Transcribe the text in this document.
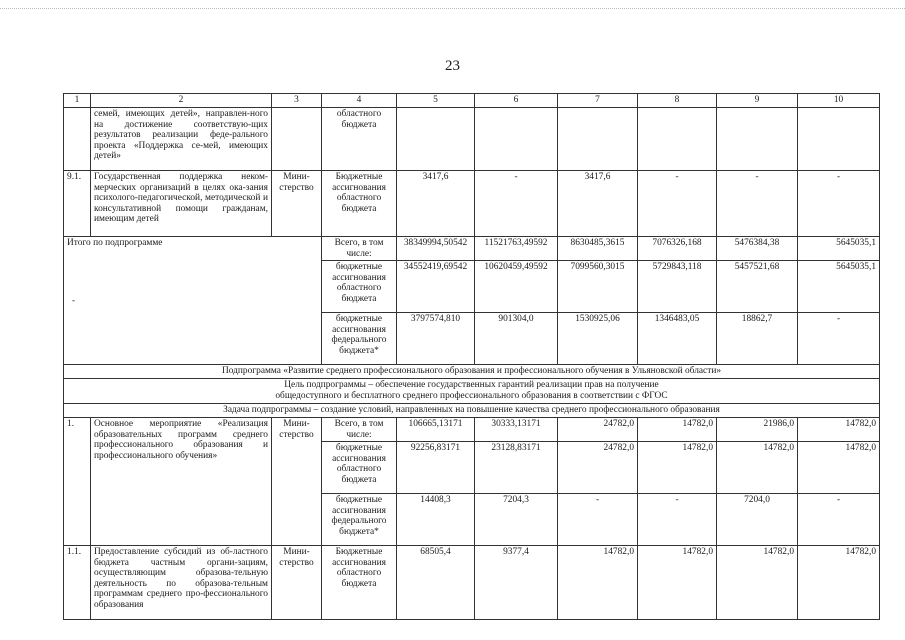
23
1	2	3	4	5	6	7	8	9	10
	семей, имеющих детей», направлен-ного на достижение соответствую-щих результатов реализации феде-рального проекта «Поддержка се-мей, имеющих детей»		областного бюджета						
9.1.	Государственная поддержка неком-мерческих организаций в целях ока-зания психолого-педагогической, методической и консультативной помощи гражданам, имеющим детей	Мини-стерство	Бюджетные ассигнования областного бюджета	3417,6	-	3417,6	-	-	-
Итого по подпрограмме			Всего, в том числе:	38349994,50542	11521763,49592	8630485,3615	7076326,168	5476384,38	5645035,1
			бюджетные ассигнования областного бюджета	34552419,69542	10620459,49592	7099560,3015	5729843,118	5457521,68	5645035,1
			бюджетные ассигнования федерального бюджета*	3797574,810	901304,0	1530925,06	1346483,05	18862,7	-
Подпрограмма «Развитие среднего профессионального образования и профессионального обучения в Ульяновской области»									

Цель подпрограммы – обеспечение государственных гарантий реализации прав на получение
общедоступного и бесплатного среднего профессионального образования в соответствии с ФГОС									

Задача подпрограммы – создание условий, направленных на повышение качества среднего профессионального образования									
1.	Основное мероприятие «Реализация образовательных программ среднего профессионального образования и профессионального обучения»	Мини-стерство	Всего, в том числе:	106665,13171	30333,13171	24782,0	14782,0	21986,0	14782,0
			бюджетные ассигнования областного бюджета	92256,83171	23128,83171	24782,0	14782,0	14782,0	14782,0
			бюджетные ассигнования федерального бюджета*	14408,3	7204,3	-	-	7204,0	-
1.1.	Предоставление субсидий из об-ластного бюджета частным органи-зациям, осуществляющим образова-тельную деятельность по образова-тельным программам среднего про-фессионального образования	Мини-стерство	Бюджетные ассигнования областного бюджета	68505,4	9377,4	14782,0	14782,0	14782,0	14782,0
-
